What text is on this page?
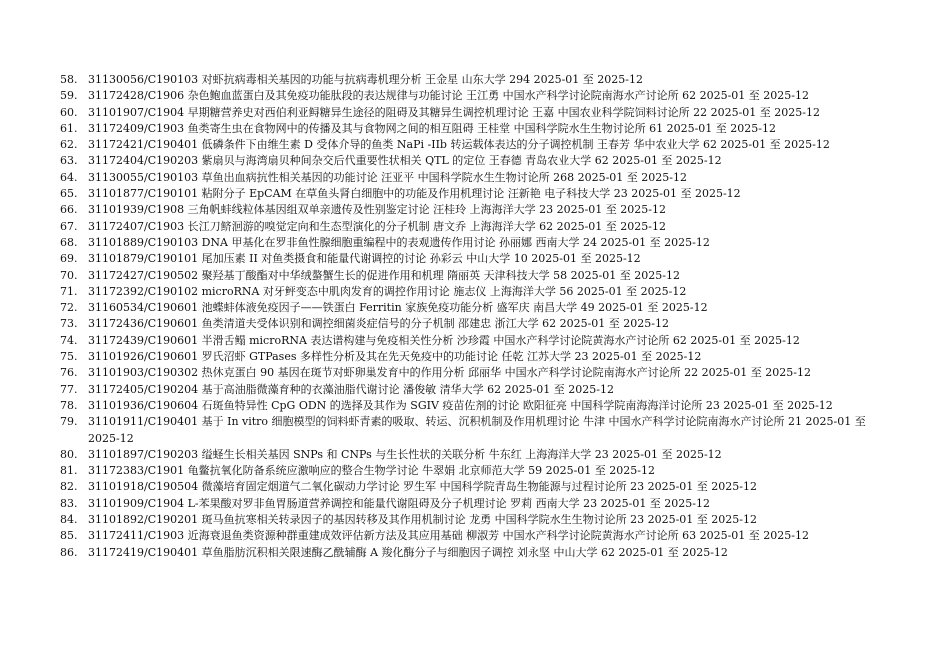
58. 31130056/C190103 对虾抗病毒相关基因的功能与抗病毒机理分析 王金星 山东大学 294 2025-01 至 2025-12
59. 31172428/C1906 杂色鲍血蓝蛋白及其免疫功能肽段的表达规律与功能讨论 王江勇 中国水产科学讨论院南海水产讨论所 62 2025-01 至 2025-12
60. 31101907/C1904 早期糖营养史对西伯利亚鲟糖异生途径的阻碍及其糖异生调控机理讨论 王嘉 中国农业科学院饲料讨论所 22 2025-01 至 2025-12
61. 31172409/C1903 鱼类寄生虫在食物网中的传播及其与食物网之间的相互阻碍 王桂堂 中国科学院水生生物讨论所 61 2025-01 至 2025-12
62. 31172421/C190401 低磷条件下由维生素 D 受体介导的鱼类 NaPi -IIb 转运载体表达的分子调控机制 王春芳 华中农业大学 62 2025-01 至 2025-12
63. 31172404/C190203 紫扇贝与海湾扇贝种间杂交后代重要性状相关 QTL 的定位 王春德 青岛农业大学 62 2025-01 至 2025-12
64. 31130055/C190103 草鱼出血病抗性相关基因的功能讨论 汪亚平 中国科学院水生生物讨论所 268 2025-01 至 2025-12
65. 31101877/C190101 粘附分子 EpCAM 在草鱼头肾白细胞中的功能及作用机理讨论 汪新艳 电子科技大学 23 2025-01 至 2025-12
66. 31101939/C1908 三角帆蚌线粒体基因组双单亲遗传及性别鉴定讨论 汪桂玲 上海海洋大学 23 2025-01 至 2025-12
67. 31172407/C1903 长江刀鲚洄游的嗅觉定向和生态型演化的分子机制 唐文乔 上海海洋大学 62 2025-01 至 2025-12
68. 31101889/C190103 DNA 甲基化在罗非鱼性腺细胞重编程中的表观遗传作用讨论 孙丽娜 西南大学 24 2025-01 至 2025-12
69. 31101879/C190101 尾加压素 II 对鱼类摄食和能量代谢调控的讨论 孙彩云 中山大学 10 2025-01 至 2025-12
70. 31172427/C190502 聚羟基丁酸酯对中华绒螯蟹生长的促进作用和机理 隋丽英 天津科技大学 58 2025-01 至 2025-12
71. 31172392/C190102 microRNA 对牙鲆变态中肌肉发育的调控作用讨论 施志仪 上海海洋大学 56 2025-01 至 2025-12
72. 31160534/C190601 池蝶蚌体液免疫因子——铁蛋白 Ferritin 家族免疫功能分析 盛军庆 南昌大学 49 2025-01 至 2025-12
73. 31172436/C190601 鱼类清道夫受体识别和调控细菌炎症信号的分子机制 邵建忠 浙江大学 62 2025-01 至 2025-12
74. 31172439/C190601 半滑舌鳎 microRNA 表达谱构建与免疫相关性分析 沙珍霞 中国水产科学讨论院黄海水产讨论所 62 2025-01 至 2025-12
75. 31101926/C190601 罗氏沼虾 GTPases 多样性分析及其在先天免疫中的功能讨论 任乾 江苏大学 23 2025-01 至 2025-12
76. 31101903/C190302 热休克蛋白 90 基因在斑节对虾卵巢发育中的作用分析 邱丽华 中国水产科学讨论院南海水产讨论所 22 2025-01 至 2025-12
77. 31172405/C190204 基于高油脂微藻育种的衣藻油脂代谢讨论 潘俊敏 清华大学 62 2025-01 至 2025-12
78. 31101936/C190604 石斑鱼特异性 CpG ODN 的选择及其作为 SGIV 疫苗佐剂的讨论 欧阳征亮 中国科学院南海海洋讨论所 23 2025-01 至 2025-12
79. 31101911/C190401 基于 In vitro 细胞模型的饲料虾青素的吸取、转运、沉积机制及作用机理讨论 牛津 中国水产科学讨论院南海水产讨论所 21 2025-01 至 2025-12
80. 31101897/C190203 缢蛏生长相关基因 SNPs 和 CNPs 与生长性状的关联分析 牛东红 上海海洋大学 23 2025-01 至 2025-12
81. 31172383/C1901 龟鳖抗氧化防备系统应激响应的整合生物学讨论 牛翠娟 北京师范大学 59 2025-01 至 2025-12
82. 31101918/C190504 微藻培育固定烟道气二氧化碳动力学讨论 罗生军 中国科学院青岛生物能源与过程讨论所 23 2025-01 至 2025-12
83. 31101909/C1904 L-苯果酸对罗非鱼胃肠道营养调控和能量代谢阻碍及分子机理讨论 罗莉 西南大学 23 2025-01 至 2025-12
84. 31101892/C190201 斑马鱼抗寒相关转录因子的基因转移及其作用机制讨论 龙勇 中国科学院水生生物讨论所 23 2025-01 至 2025-12
85. 31172411/C1903 近海衰退鱼类资源种群重建成效评估新方法及其应用基础 柳淑芳 中国水产科学讨论院黄海水产讨论所 63 2025-01 至 2025-12
86. 31172419/C190401 草鱼脂肪沉积相关限速酶乙酰辅酶 A 羧化酶分子与细胞因子调控 刘永坚 中山大学 62 2025-01 至 2025-12
